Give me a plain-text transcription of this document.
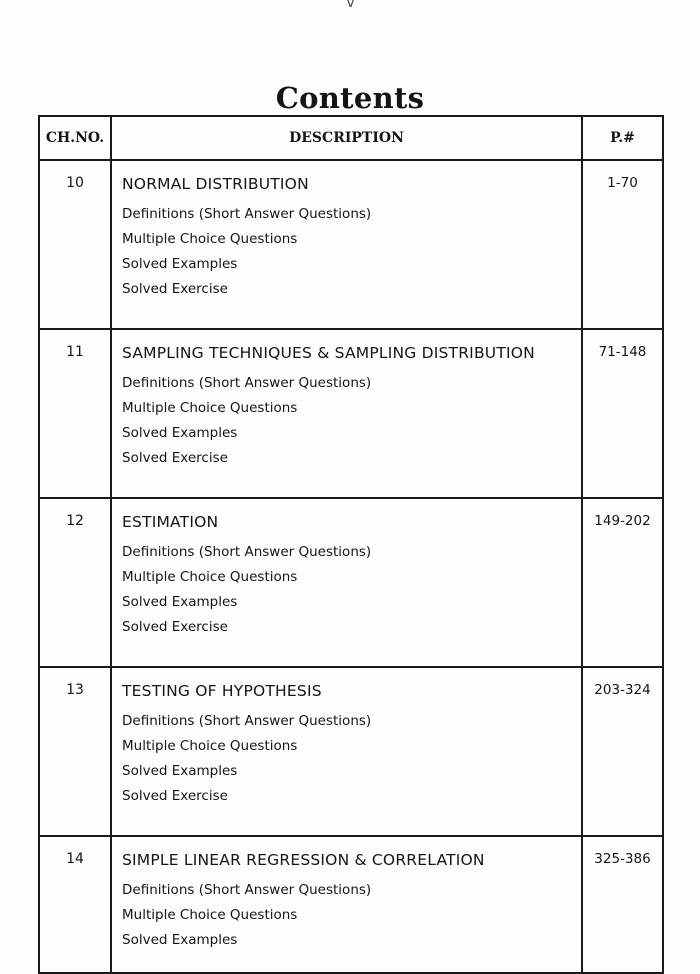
v
Contents
CH.NO.	DESCRIPTION	P.#
10	NORMAL DISTRIBUTION
Definitions (Short Answer Questions)
Multiple Choice Questions
Solved Examples
Solved Exercise	1-70
11	SAMPLING TECHNIQUES & SAMPLING DISTRIBUTION
Definitions (Short Answer Questions)
Multiple Choice Questions
Solved Examples
Solved Exercise	71-148
12	ESTIMATION
Definitions (Short Answer Questions)
Multiple Choice Questions
Solved Examples
Solved Exercise	149-202
13	TESTING OF HYPOTHESIS
Definitions (Short Answer Questions)
Multiple Choice Questions
Solved Examples
Solved Exercise	203-324
14	SIMPLE LINEAR REGRESSION & CORRELATION
Definitions (Short Answer Questions)
Multiple Choice Questions
Solved Examples	325-386
